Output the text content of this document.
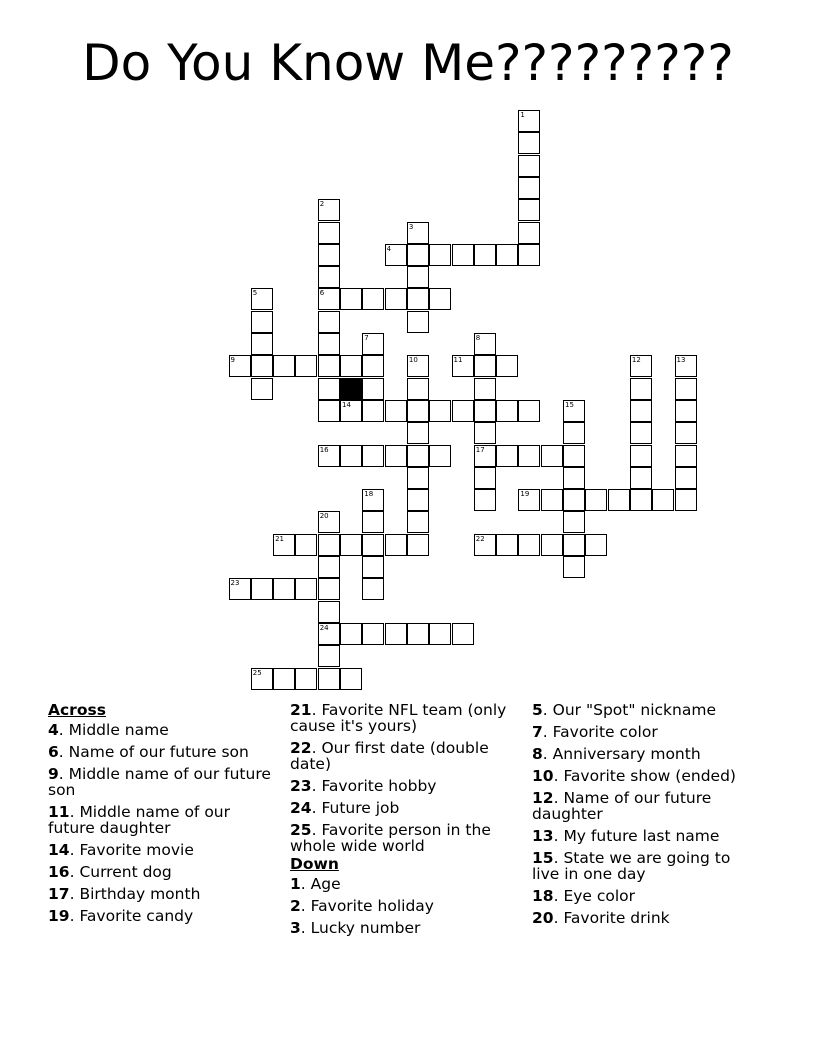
Do You Know Me?????????
1
4
2
6
3
5
7	8
17
9	10	11	12	13
14	15
16
18	19
20
24
21	22
23
25
Across
4. Middle name
6. Name of our future son
9. Middle name of our future son
11. Middle name of our future daughter
14. Favorite movie
16. Current dog
17. Birthday month
19. Favorite candy
21. Favorite NFL team (only cause it's yours)
22. Our first date (double date)
23. Favorite hobby
24. Future job
25. Favorite person in the whole wide world
Down
1. Age
2. Favorite holiday
3. Lucky number
5. Our "Spot" nickname
7. Favorite color
8. Anniversary month
10. Favorite show (ended)
12. Name of our future daughter
13. My future last name
15. State we are going to live in one day
18. Eye color
20. Favorite drink
